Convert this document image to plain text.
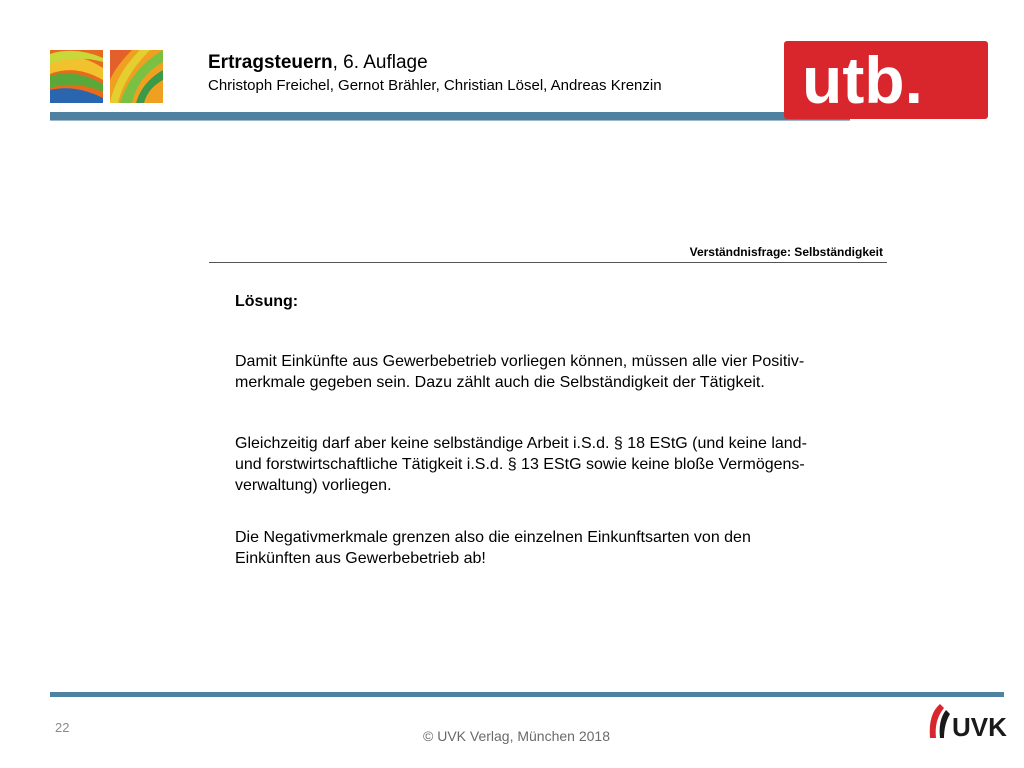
Ertragsteuern, 6. Auflage
Christoph Freichel, Gernot Brähler, Christian Lösel, Andreas Krenzin utb.
Verständnisfrage: Selbständigkeit
Lösung:

Damit Einkünfte aus Gewerbebetrieb vorliegen können, müssen alle vier Positiv-
merkmale gegeben sein. Dazu zählt auch die Selbständigkeit der Tätigkeit.

Gleichzeitig darf aber keine selbständige Arbeit i.S.d. § 18 EStG (und keine land-
und forstwirtschaftliche Tätigkeit i.S.d. § 13 EStG sowie keine bloße Vermögens-
verwaltung) vorliegen.

Die Negativmerkmale grenzen also die einzelnen Einkunftsarten von den
Einkünften aus Gewerbebetrieb ab!

22
© UVK Verlag, München 2018	UVK
